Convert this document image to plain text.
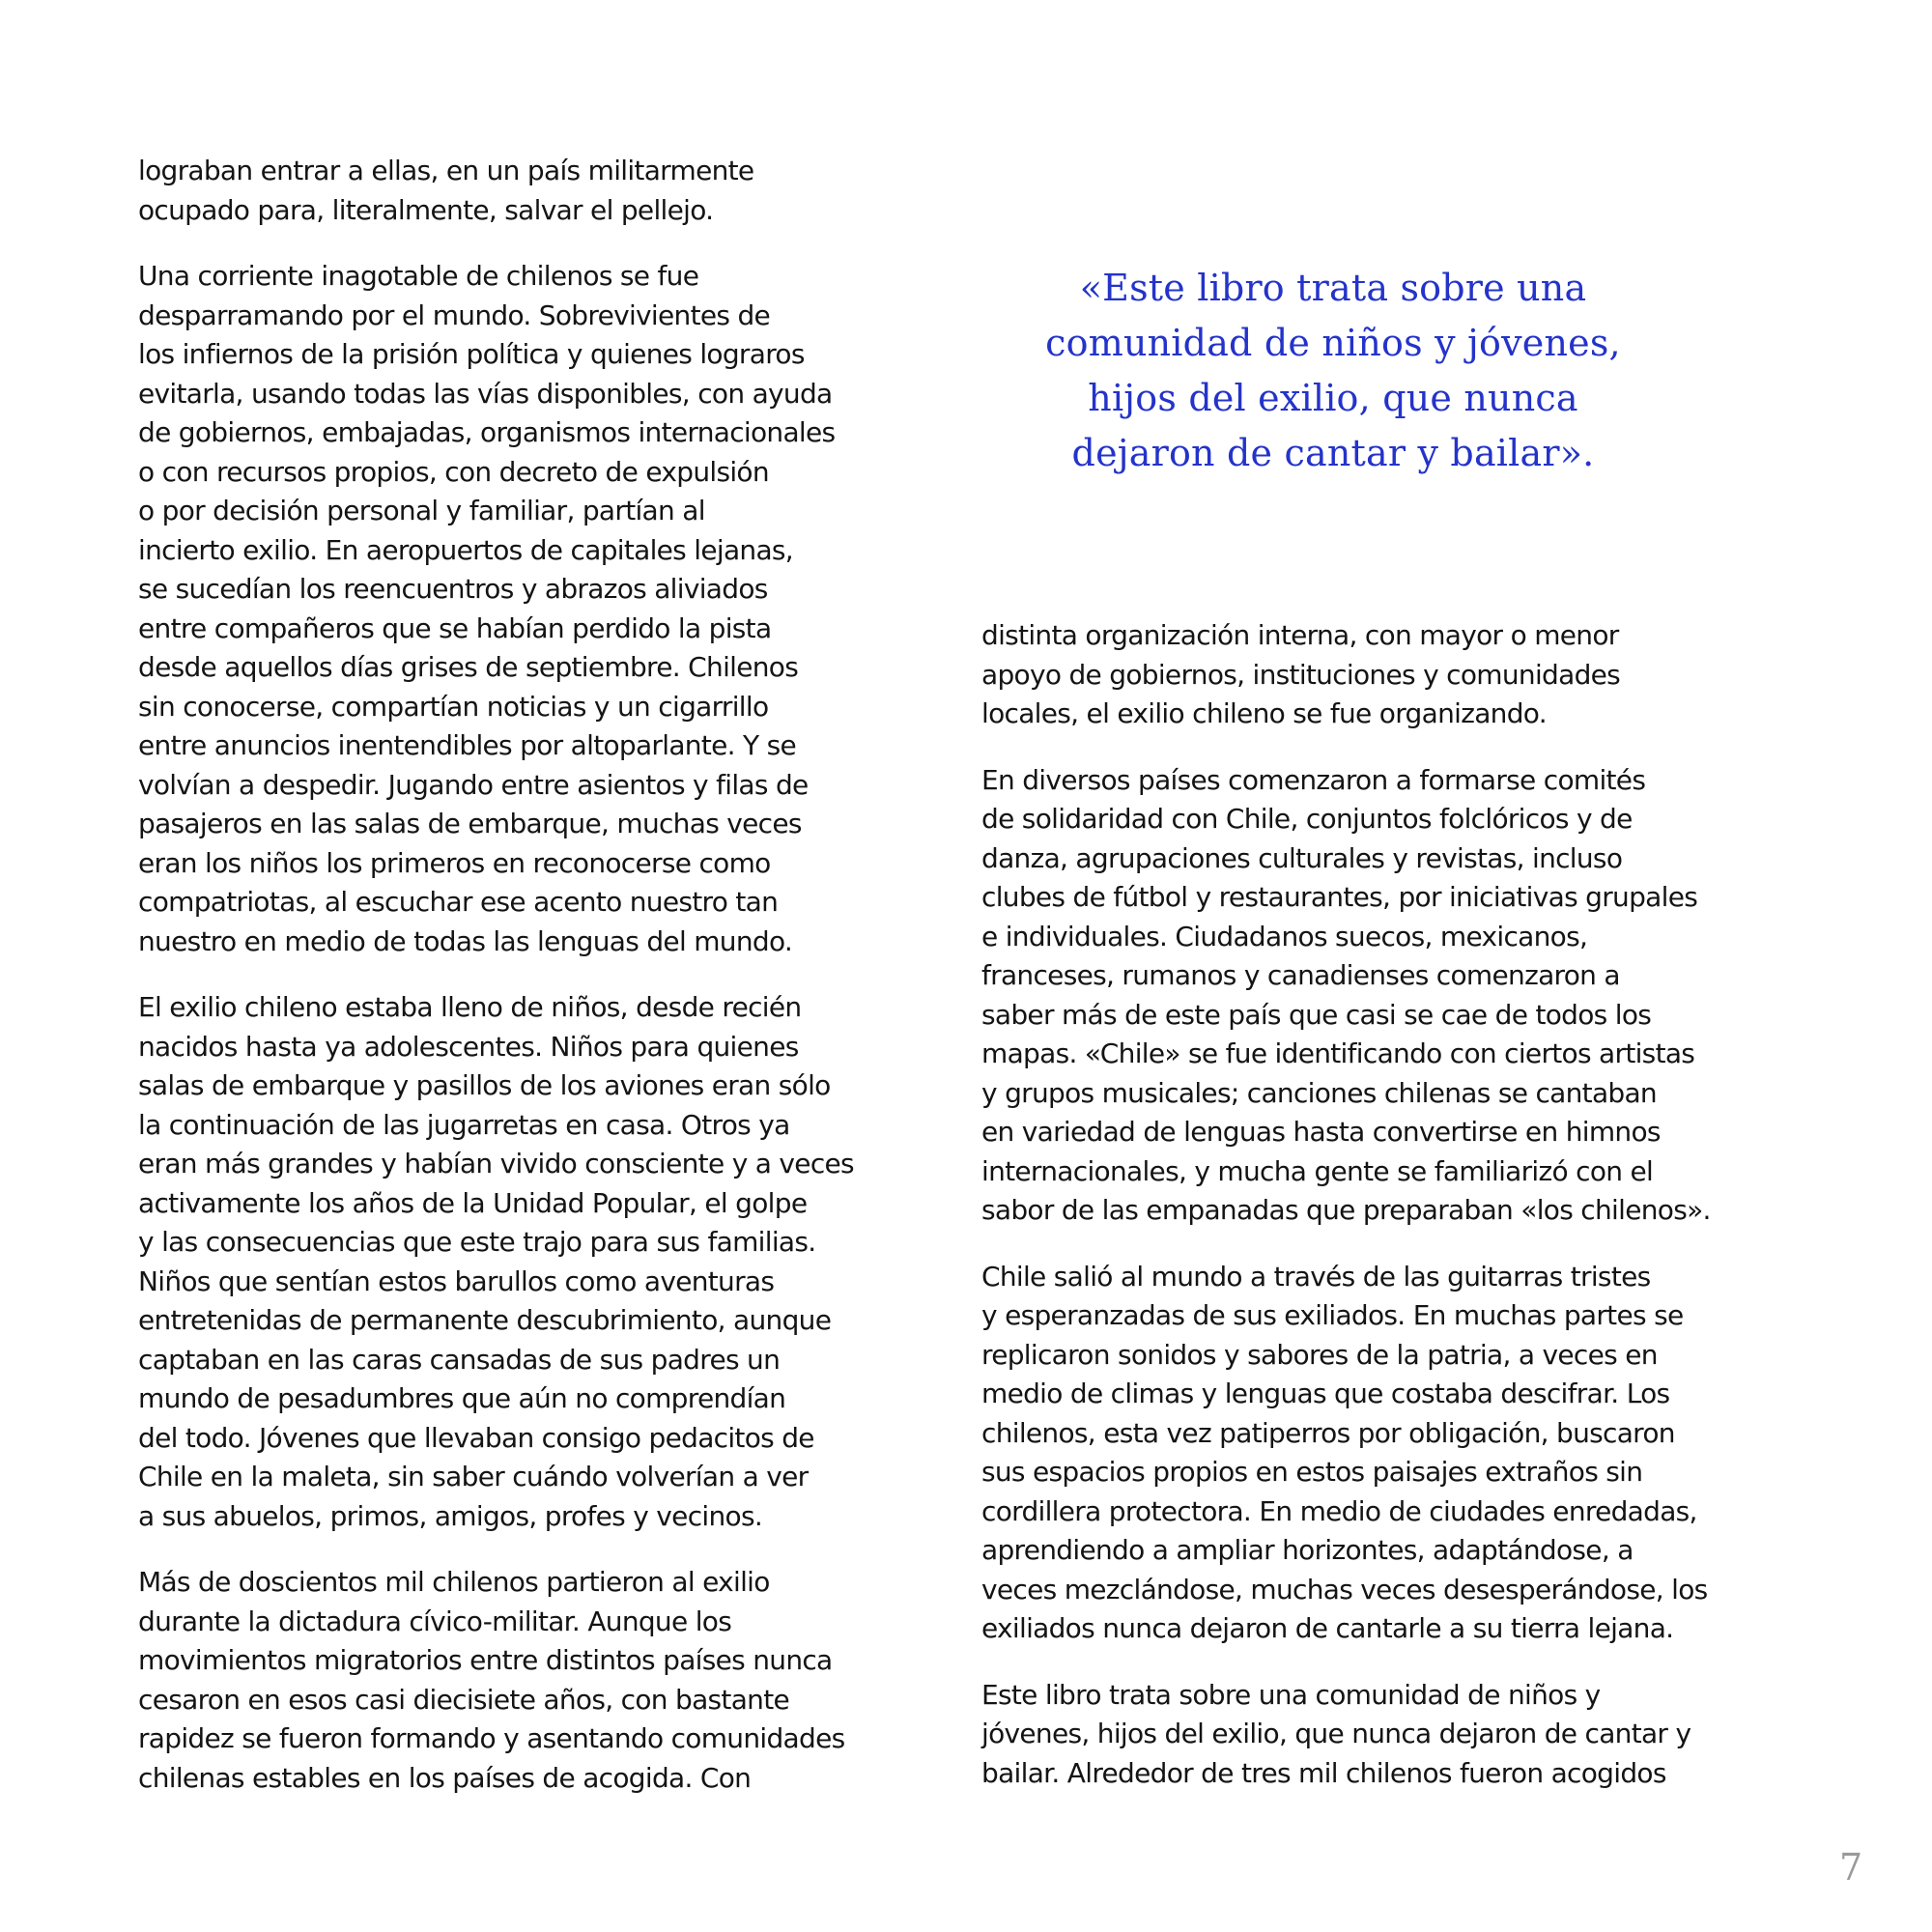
lograban entrar a ellas, en un país militarmente
ocupado para, literalmente, salvar el pellejo.

Una corriente inagotable de chilenos se fue
desparramando por el mundo. Sobrevivientes de
los infiernos de la prisión política y quienes lograros
evitarla, usando todas las vías disponibles, con ayuda
de gobiernos, embajadas, organismos internacionales
o con recursos propios, con decreto de expulsión
o por decisión personal y familiar, partían al
incierto exilio. En aeropuertos de capitales lejanas,
se sucedían los reencuentros y abrazos aliviados
entre compañeros que se habían perdido la pista
desde aquellos días grises de septiembre. Chilenos
sin conocerse, compartían noticias y un cigarrillo
entre anuncios inentendibles por altoparlante. Y se
volvían a despedir. Jugando entre asientos y filas de
pasajeros en las salas de embarque, muchas veces
eran los niños los primeros en reconocerse como
compatriotas, al escuchar ese acento nuestro tan
nuestro en medio de todas las lenguas del mundo.

El exilio chileno estaba lleno de niños, desde recién
nacidos hasta ya adolescentes. Niños para quienes
salas de embarque y pasillos de los aviones eran sólo
la continuación de las jugarretas en casa. Otros ya
eran más grandes y habían vivido consciente y a veces
activamente los años de la Unidad Popular, el golpe
y las consecuencias que este trajo para sus familias.
Niños que sentían estos barullos como aventuras
entretenidas de permanente descubrimiento, aunque
captaban en las caras cansadas de sus padres un
mundo de pesadumbres que aún no comprendían
del todo. Jóvenes que llevaban consigo pedacitos de
Chile en la maleta, sin saber cuándo volverían a ver
a sus abuelos, primos, amigos, profes y vecinos.

Más de doscientos mil chilenos partieron al exilio
durante la dictadura cívico-militar. Aunque los
movimientos migratorios entre distintos países nunca
cesaron en esos casi diecisiete años, con bastante
rapidez se fueron formando y asentando comunidades
chilenas estables en los países de acogida. Con

«Este libro trata sobre una
comunidad de niños y jóvenes,
hijos del exilio, que nunca
dejaron de cantar y bailar».

distinta organización interna, con mayor o menor
apoyo de gobiernos, instituciones y comunidades
locales, el exilio chileno se fue organizando.

En diversos países comenzaron a formarse comités
de solidaridad con Chile, conjuntos folclóricos y de
danza, agrupaciones culturales y revistas, incluso
clubes de fútbol y restaurantes, por iniciativas grupales
e individuales. Ciudadanos suecos, mexicanos,
franceses, rumanos y canadienses comenzaron a
saber más de este país que casi se cae de todos los
mapas. «Chile» se fue identificando con ciertos artistas
y grupos musicales; canciones chilenas se cantaban
en variedad de lenguas hasta convertirse en himnos
internacionales, y mucha gente se familiarizó con el
sabor de las empanadas que preparaban «los chilenos».

Chile salió al mundo a través de las guitarras tristes
y esperanzadas de sus exiliados. En muchas partes se
replicaron sonidos y sabores de la patria, a veces en
medio de climas y lenguas que costaba descifrar. Los
chilenos, esta vez patiperros por obligación, buscaron
sus espacios propios en estos paisajes extraños sin
cordillera protectora. En medio de ciudades enredadas,
aprendiendo a ampliar horizontes, adaptándose, a
veces mezclándose, muchas veces desesperándose, los
exiliados nunca dejaron de cantarle a su tierra lejana.

Este libro trata sobre una comunidad de niños y
jóvenes, hijos del exilio, que nunca dejaron de cantar y
bailar. Alrededor de tres mil chilenos fueron acogidos

7
